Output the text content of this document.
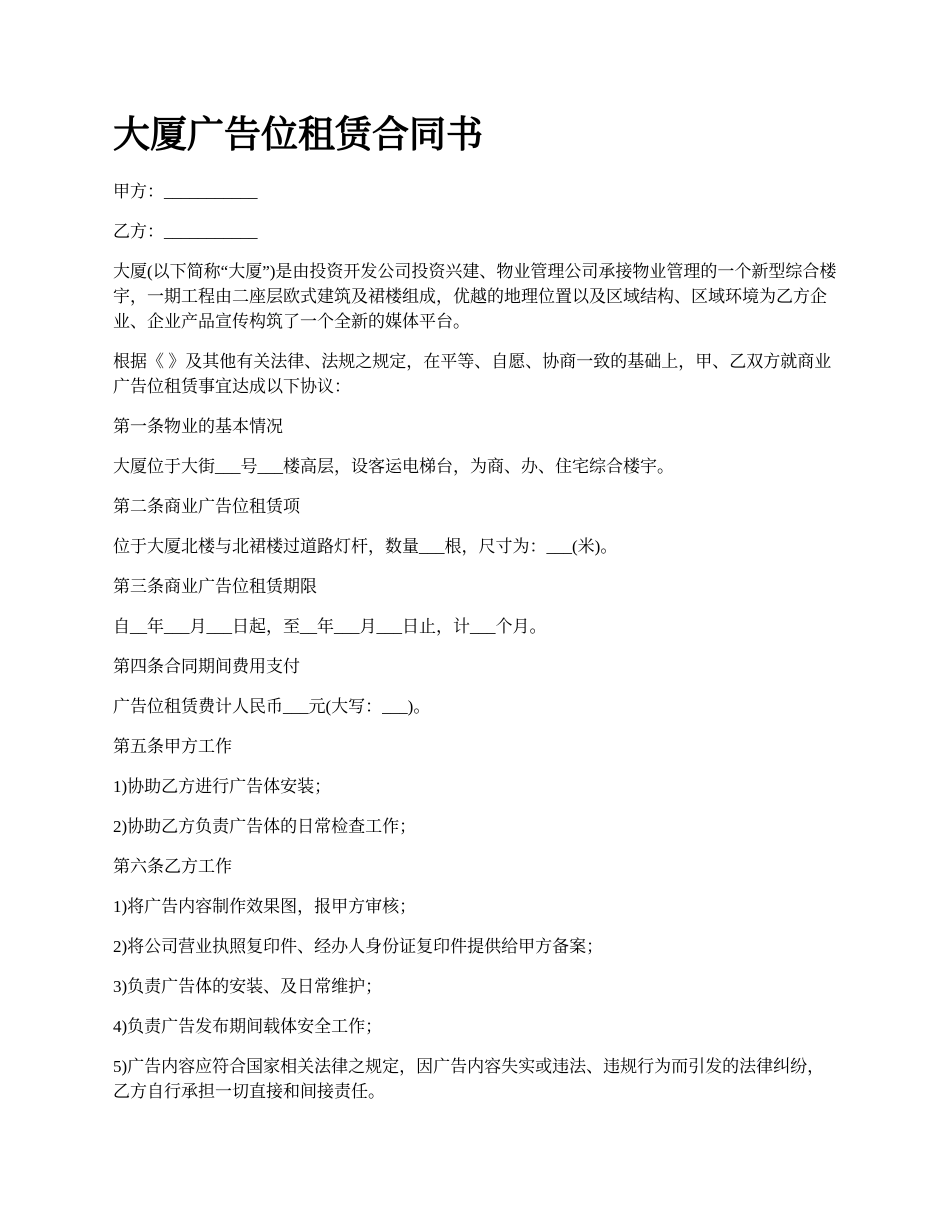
大厦广告位租赁合同书

甲方：___________

乙方：___________

大厦(以下简称“大厦”)是由投资开发公司投资兴建、物业管理公司承接物业管理的一个新型综合楼宇，一期工程由二座层欧式建筑及裙楼组成，优越的地理位置以及区域结构、区域环境为乙方企业、企业产品宣传构筑了一个全新的媒体平台。

根据《 》及其他有关法律、法规之规定，在平等、自愿、协商一致的基础上，甲、乙双方就商业广告位租赁事宜达成以下协议：

第一条物业的基本情况

大厦位于大街___号___楼高层，设客运电梯台，为商、办、住宅综合楼宇。

第二条商业广告位租赁项

位于大厦北楼与北裙楼过道路灯杆，数量___根，尺寸为：___(米)。

第三条商业广告位租赁期限

自__年___月___日起，至__年___月___日止，计___个月。

第四条合同期间费用支付

广告位租赁费计人民币___元(大写：___)。

第五条甲方工作

1)协助乙方进行广告体安装；

2)协助乙方负责广告体的日常检查工作；

第六条乙方工作

1)将广告内容制作效果图，报甲方审核；

2)将公司营业执照复印件、经办人身份证复印件提供给甲方备案；

3)负责广告体的安装、及日常维护；

4)负责广告发布期间载体安全工作；

5)广告内容应符合国家相关法律之规定，因广告内容失实或违法、违规行为而引发的法律纠纷，乙方自行承担一切直接和间接责任。
